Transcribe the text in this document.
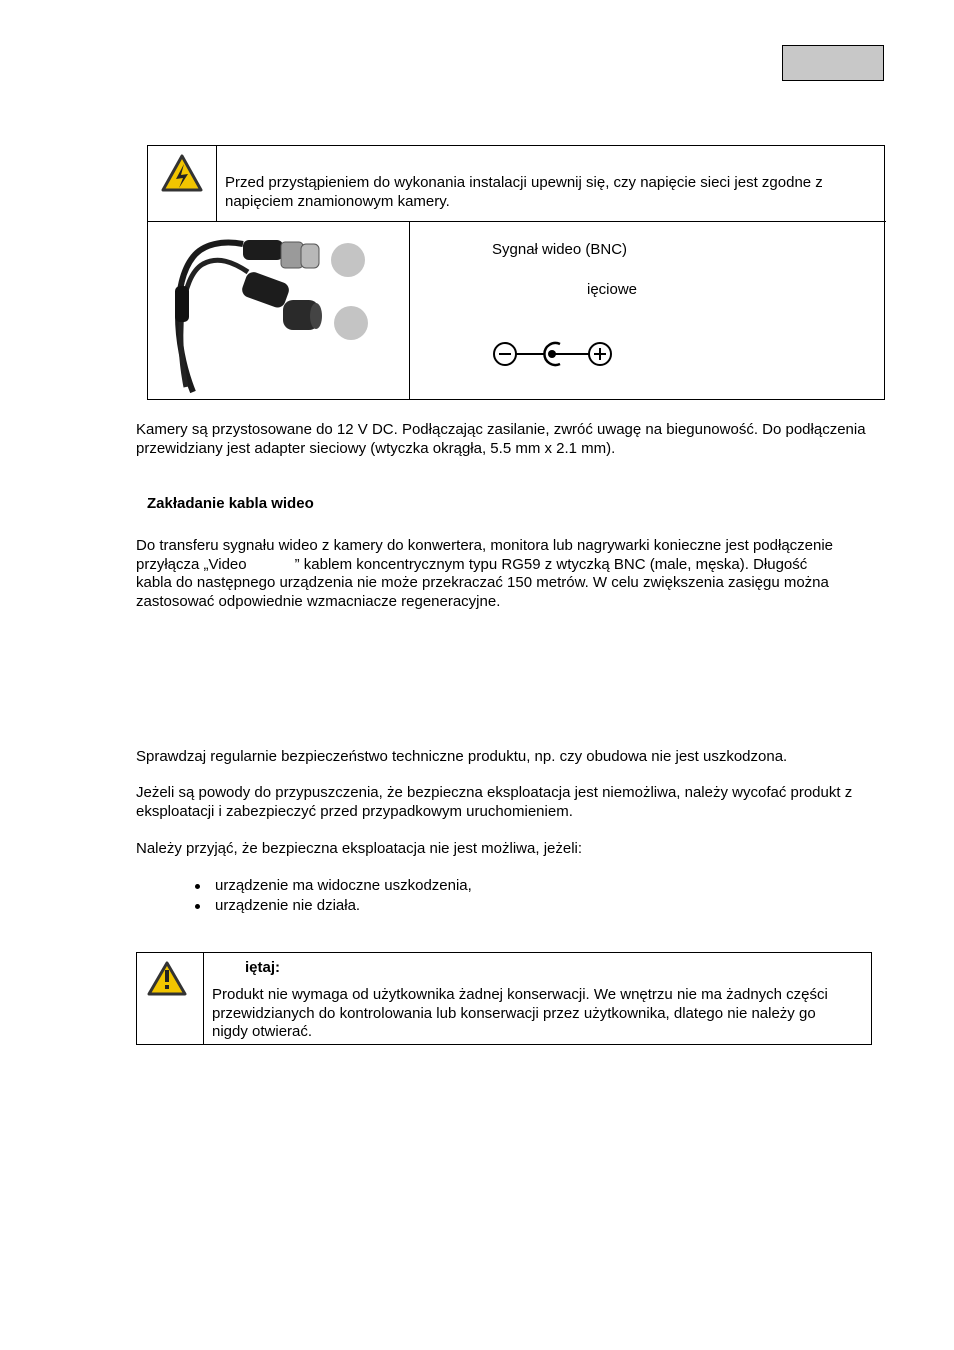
Przed przystąpieniem do wykonania instalacji upewnij się, czy napięcie sieci jest zgodne z napięciem znamionowym kamery.
Sygnał wideo (BNC)
ięciowe
Kamery są przystosowane do 12 V DC. Podłączając zasilanie, zwróć uwagę na biegunowość. Do podłączenia przewidziany jest adapter sieciowy (wtyczka okrągła, 5.5 mm x 2.1 mm).
Zakładanie kabla wideo
Do transferu sygnału wideo z kamery do konwertera, monitora lub nagrywarki konieczne jest podłączenie
przyłącza „Video	” kablem koncentrycznym typu RG59 z wtyczką BNC (male, męska). Długość
kabla do następnego urządzenia nie może przekraczać 150 metrów. W celu zwiększenia zasięgu można
zastosować odpowiednie wzmacniacze regeneracyjne.
Sprawdzaj regularnie bezpieczeństwo techniczne produktu, np. czy obudowa nie jest uszkodzona.
Jeżeli są powody do przypuszczenia, że bezpieczna eksploatacja jest niemożliwa, należy wycofać produkt z eksploatacji i zabezpieczyć przed przypadkowym uruchomieniem.
Należy przyjąć, że bezpieczna eksploatacja nie jest możliwa, jeżeli:
urządzenie ma widoczne uszkodzenia,
urządzenie nie działa.
iętaj:
Produkt nie wymaga od użytkownika żadnej konserwacji. We wnętrzu nie ma żadnych części przewidzianych do kontrolowania lub konserwacji przez użytkownika, dlatego nie należy go nigdy otwierać.
